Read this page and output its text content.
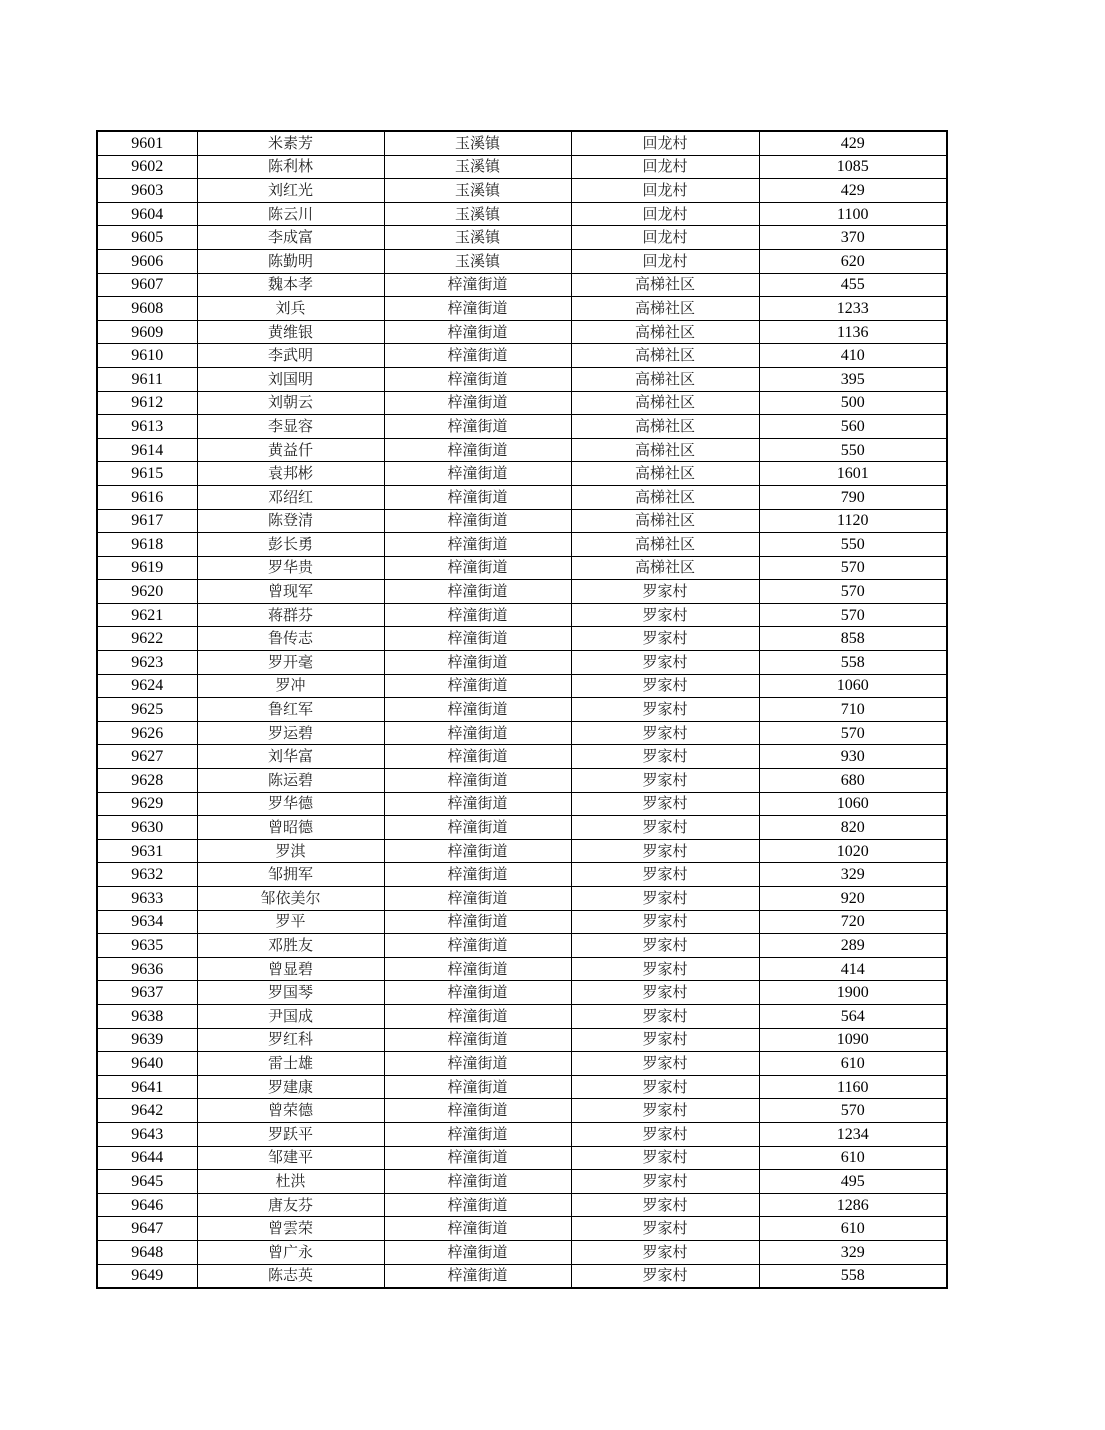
9601	米素芳	玉溪镇	回龙村	429
9602	陈利林	玉溪镇	回龙村	1085
9603	刘红光	玉溪镇	回龙村	429
9604	陈云川	玉溪镇	回龙村	1100
9605	李成富	玉溪镇	回龙村	370
9606	陈勤明	玉溪镇	回龙村	620
9607	魏本孝	梓潼街道	高梯社区	455
9608	刘兵	梓潼街道	高梯社区	1233
9609	黄维银	梓潼街道	高梯社区	1136
9610	李武明	梓潼街道	高梯社区	410
9611	刘国明	梓潼街道	高梯社区	395
9612	刘朝云	梓潼街道	高梯社区	500
9613	李显容	梓潼街道	高梯社区	560
9614	黄益仟	梓潼街道	高梯社区	550
9615	袁邦彬	梓潼街道	高梯社区	1601
9616	邓绍红	梓潼街道	高梯社区	790
9617	陈登清	梓潼街道	高梯社区	1120
9618	彭长勇	梓潼街道	高梯社区	550
9619	罗华贵	梓潼街道	高梯社区	570
9620	曾现军	梓潼街道	罗家村	570
9621	蒋群芬	梓潼街道	罗家村	570
9622	鲁传志	梓潼街道	罗家村	858
9623	罗开毫	梓潼街道	罗家村	558
9624	罗冲	梓潼街道	罗家村	1060
9625	鲁红军	梓潼街道	罗家村	710
9626	罗运碧	梓潼街道	罗家村	570
9627	刘华富	梓潼街道	罗家村	930
9628	陈运碧	梓潼街道	罗家村	680
9629	罗华德	梓潼街道	罗家村	1060
9630	曾昭德	梓潼街道	罗家村	820
9631	罗淇	梓潼街道	罗家村	1020
9632	邹拥军	梓潼街道	罗家村	329
9633	邹依美尔	梓潼街道	罗家村	920
9634	罗平	梓潼街道	罗家村	720
9635	邓胜友	梓潼街道	罗家村	289
9636	曾显碧	梓潼街道	罗家村	414
9637	罗国琴	梓潼街道	罗家村	1900
9638	尹国成	梓潼街道	罗家村	564
9639	罗红科	梓潼街道	罗家村	1090
9640	雷士雄	梓潼街道	罗家村	610
9641	罗建康	梓潼街道	罗家村	1160
9642	曾荣德	梓潼街道	罗家村	570
9643	罗跃平	梓潼街道	罗家村	1234
9644	邹建平	梓潼街道	罗家村	610
9645	杜洪	梓潼街道	罗家村	495
9646	唐友芬	梓潼街道	罗家村	1286
9647	曾雲荣	梓潼街道	罗家村	610
9648	曾广永	梓潼街道	罗家村	329
9649	陈志英	梓潼街道	罗家村	558
